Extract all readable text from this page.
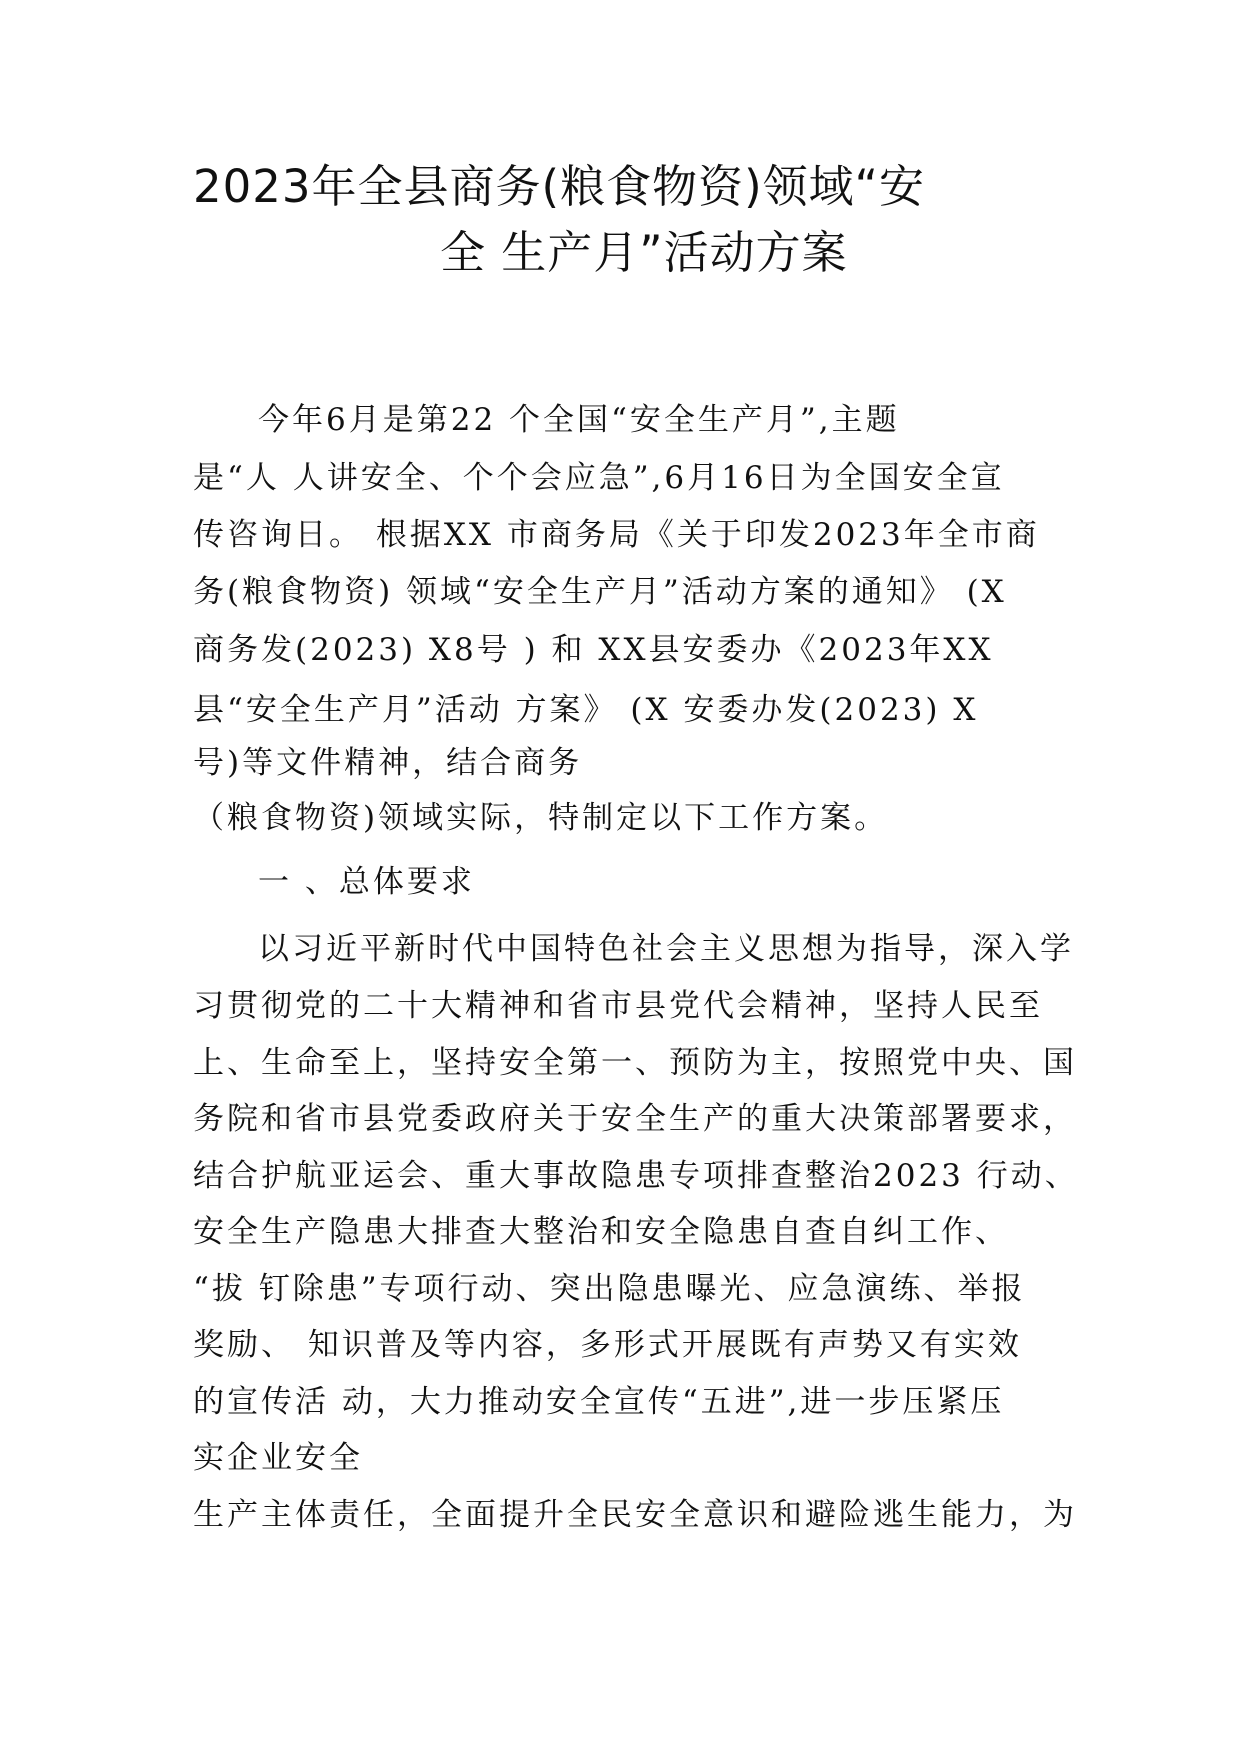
2023年全县商务(粮食物资)领域“安
全 生产月”活动方案
今年6月是第22 个全国“安全生产月”,主题
是“人 人讲安全、个个会应急”,6月16日为全国安全宣
传咨询日。 根据XX 市商务局《关于印发2023年全市商
务(粮食物资) 领域“安全生产月”活动方案的通知》 (X
商务发(2023) X8号 ) 和 XX县安委办《2023年XX
县“安全生产月”活动 方案》 (X 安委办发(2023) X
号)等文件精神，结合商务
（粮食物资)领域实际，特制定以下工作方案。
一 、总体要求
以习近平新时代中国特色社会主义思想为指导，深入学
习贯彻党的二十大精神和省市县党代会精神，坚持人民至
上、生命至上，坚持安全第一、预防为主，按照党中央、国
务院和省市县党委政府关于安全生产的重大决策部署要求，
结合护航亚运会、重大事故隐患专项排查整治2023 行动、
安全生产隐患大排查大整治和安全隐患自查自纠工作、
“拔 钉除患”专项行动、突出隐患曝光、应急演练、举报
奖励、 知识普及等内容，多形式开展既有声势又有实效
的宣传活 动，大力推动安全宣传“五进”,进一步压紧压
实企业安全
生产主体责任，全面提升全民安全意识和避险逃生能力，为
